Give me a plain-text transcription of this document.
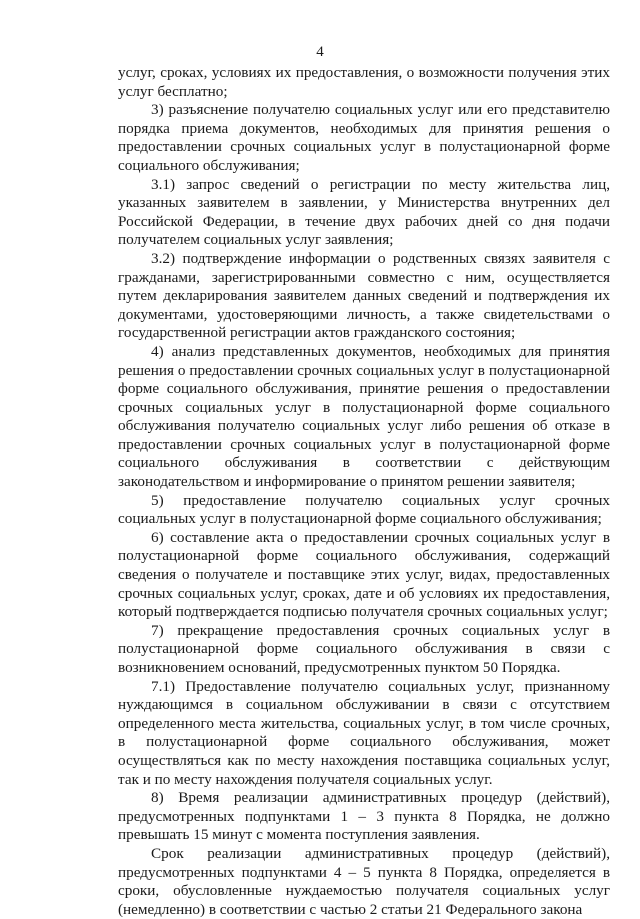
4

услуг, сроках, условиях их предоставления, о возможности получения этих услуг бесплатно;

3) разъяснение получателю социальных услуг или его представителю порядка приема документов, необходимых для принятия решения о предоставлении срочных социальных услуг в полустационарной форме социального обслуживания;

3.1) запрос сведений о регистрации по месту жительства лиц, указанных заявителем в заявлении, у Министерства внутренних дел Российской Федерации, в течение двух рабочих дней со дня подачи получателем социальных услуг заявления;

3.2) подтверждение информации о родственных связях заявителя с гражданами, зарегистрированными совместно с ним, осуществляется путем декларирования заявителем данных сведений и подтверждения их документами, удостоверяющими личность, а также свидетельствами о государственной регистрации актов гражданского состояния;

4) анализ представленных документов, необходимых для принятия решения о предоставлении срочных социальных услуг в полустационарной форме социального обслуживания, принятие решения о предоставлении срочных социальных услуг в полустационарной форме социального обслуживания получателю социальных услуг либо решения об отказе в предоставлении срочных социальных услуг в полустационарной форме социального обслуживания в соответствии с действующим законодательством и информирование о принятом решении заявителя;

5) предоставление получателю социальных услуг срочных социальных услуг в полустационарной форме социального обслуживания;

6) составление акта о предоставлении срочных социальных услуг в полустационарной форме социального обслуживания, содержащий сведения о получателе и поставщике этих услуг, видах, предоставленных срочных социальных услуг, сроках, дате и об условиях их предоставления, который подтверждается подписью получателя срочных социальных услуг;

7) прекращение предоставления срочных социальных услуг в полустационарной форме социального обслуживания в связи с возникновением оснований, предусмотренных пунктом 50 Порядка.

7.1) Предоставление получателю социальных услуг, признанному нуждающимся в социальном обслуживании в связи с отсутствием определенного места жительства, социальных услуг, в том числе срочных, в полустационарной форме социального обслуживания, может осуществляться как по месту нахождения поставщика социальных услуг, так и по месту нахождения получателя социальных услуг.

8) Время реализации административных процедур (действий), предусмотренных подпунктами 1 – 3 пункта 8 Порядка, не должно превышать 15 минут с момента поступления заявления.

Срок реализации административных процедур (действий), предусмотренных подпунктами 4 – 5 пункта 8 Порядка, определяется в сроки, обусловленные нуждаемостью получателя социальных услуг (немедленно) в соответствии с частью 2 статьи 21 Федерального закона
